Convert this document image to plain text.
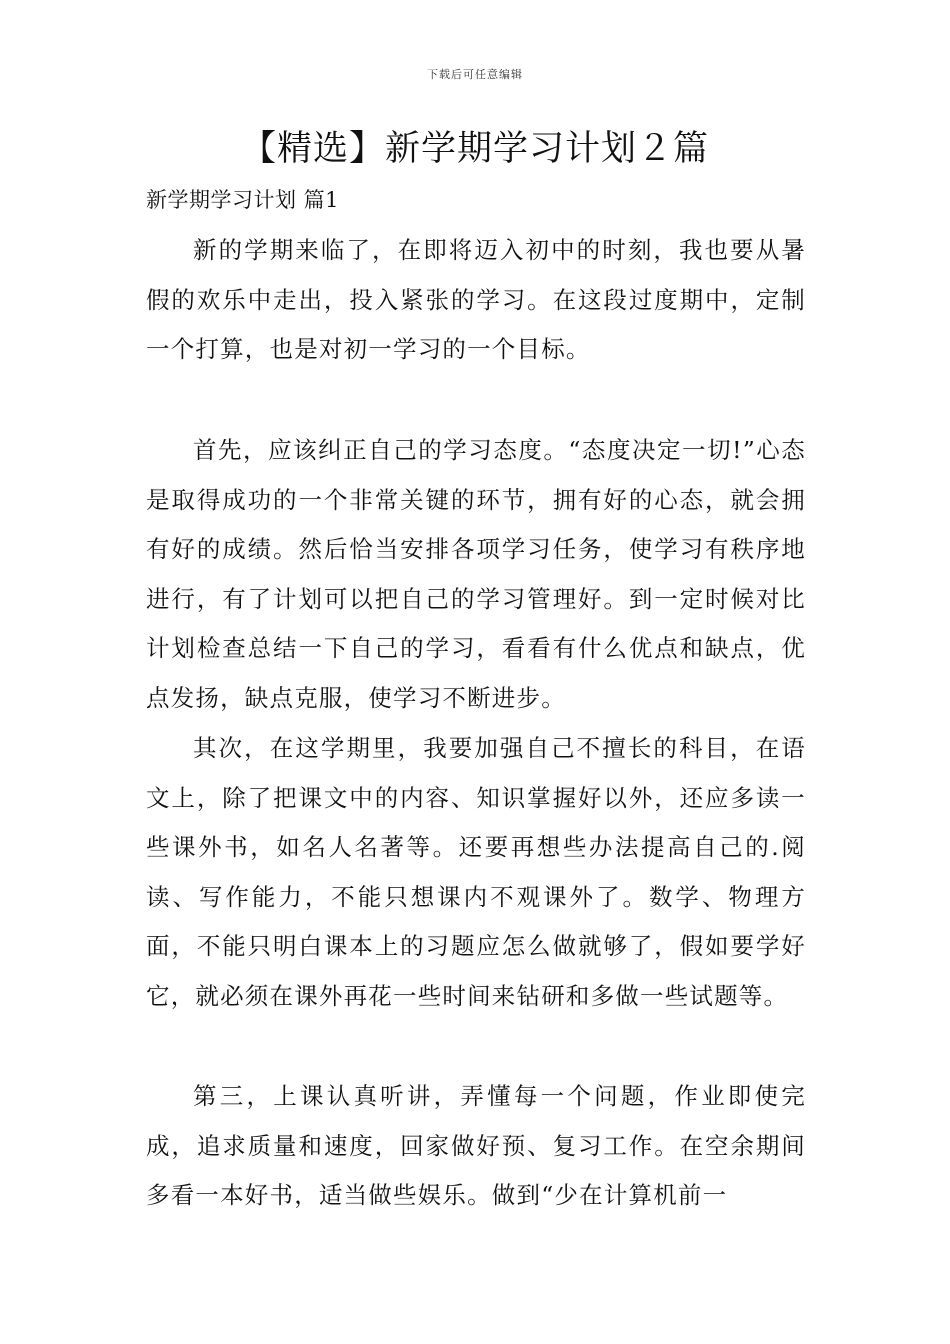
下载后可任意编辑
【精选】新学期学习计划２篇
新学期学习计划 篇1

新的学期来临了，在即将迈入初中的时刻，我也要从暑假的欢乐中走出，投入紧张的学习。在这段过度期中，定制一个打算，也是对初一学习的一个目标。

首先，应该纠正自己的学习态度。“态度决定一切!”心态是取得成功的一个非常关键的环节，拥有好的心态，就会拥有好的成绩。然后恰当安排各项学习任务，使学习有秩序地进行，有了计划可以把自己的学习管理好。到一定时候对比计划检查总结一下自己的学习，看看有什么优点和缺点，优点发扬，缺点克服，使学习不断进步。

其次，在这学期里，我要加强自己不擅长的科目，在语文上，除了把课文中的内容、知识掌握好以外，还应多读一些课外书，如名人名著等。还要再想些办法提高自己的.阅读、写作能力，不能只想课内不观课外了。数学、物理方面，不能只明白课本上的习题应怎么做就够了，假如要学好它，就必须在课外再花一些时间来钻研和多做一些试题等。

第三，上课认真听讲，弄懂每一个问题，作业即使完成，追求质量和速度，回家做好预、复习工作。在空余期间多看一本好书，适当做些娱乐。做到“少在计算机前一
